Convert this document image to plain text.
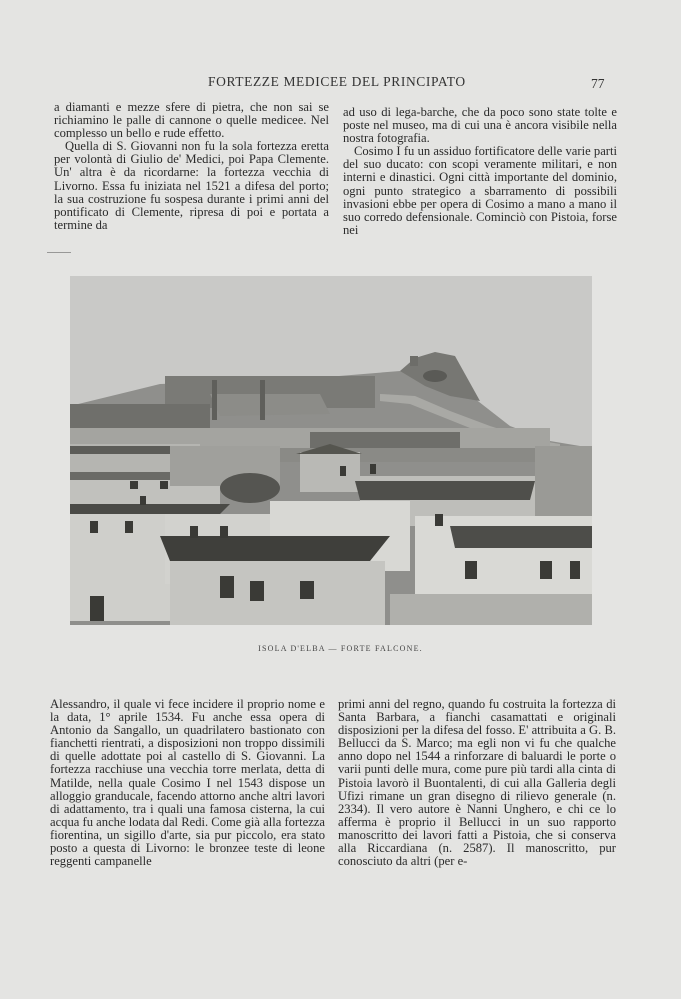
FORTEZZE MEDICEE DEL PRINCIPATO	77

a diamanti e mezze sfere di pietra, che non sai se richiamino le palle di cannone o quelle medicee. Nel complesso un bello e rude effetto.

Quella di S. Giovanni non fu la sola fortezza eretta per volontà di Giulio de' Medici, poi Papa Clemente. Un' altra è da ricordarne: la fortezza vecchia di Livorno. Essa fu iniziata nel 1521 a difesa del porto; la sua costruzione fu sospesa durante i primi anni del pontificato di Clemente, ripresa di poi e portata a termine da

ad uso di lega-barche, che da poco sono state tolte e poste nel museo, ma di cui una è ancora visibile nella nostra fotografia.

Cosimo I fu un assiduo fortificatore delle varie parti del suo ducato: con scopi veramente militari, e non interni e dinastici. Ogni città importante del dominio, ogni punto strategico a sbarramento di possibili invasioni ebbe per opera di Cosimo a mano a mano il suo corredo defensionale. Cominciò con Pistoia, forse nei

ISOLA D'ELBA — FORTE FALCONE.

Alessandro, il quale vi fece incidere il proprio nome e la data, 1° aprile 1534. Fu anche essa opera di Antonio da Sangallo, un quadrilatero bastionato con fianchetti rientrati, a disposizioni non troppo dissimili di quelle adottate poi al castello di S. Giovanni. La fortezza racchiuse una vecchia torre merlata, detta di Matilde, nella quale Cosimo I nel 1543 dispose un alloggio granducale, facendo attorno anche altri lavori di adattamento, tra i quali una famosa cisterna, la cui acqua fu anche lodata dal Redi. Come già alla fortezza fiorentina, un sigillo d'arte, sia pur piccolo, era stato posto a questa di Livorno: le bronzee teste di leone reggenti campanelle

primi anni del regno, quando fu costruita la fortezza di Santa Barbara, a fianchi casamattati e originali disposizioni per la difesa del fosso. E' attribuita a G. B. Bellucci da S. Marco; ma egli non vi fu che qualche anno dopo nel 1544 a rinforzare di baluardi le porte o varii punti delle mura, come pure più tardi alla cinta di Pistoia lavorò il Buontalenti, di cui alla Galleria degli Ufizi rimane un gran disegno di rilievo generale (n. 2334). Il vero autore è Nanni Unghero, e chi ce lo afferma è proprio il Bellucci in un suo rapporto manoscritto dei lavori fatti a Pistoia, che si conserva alla Riccardiana (n. 2587). Il manoscritto, pur conosciuto da altri (per e-
